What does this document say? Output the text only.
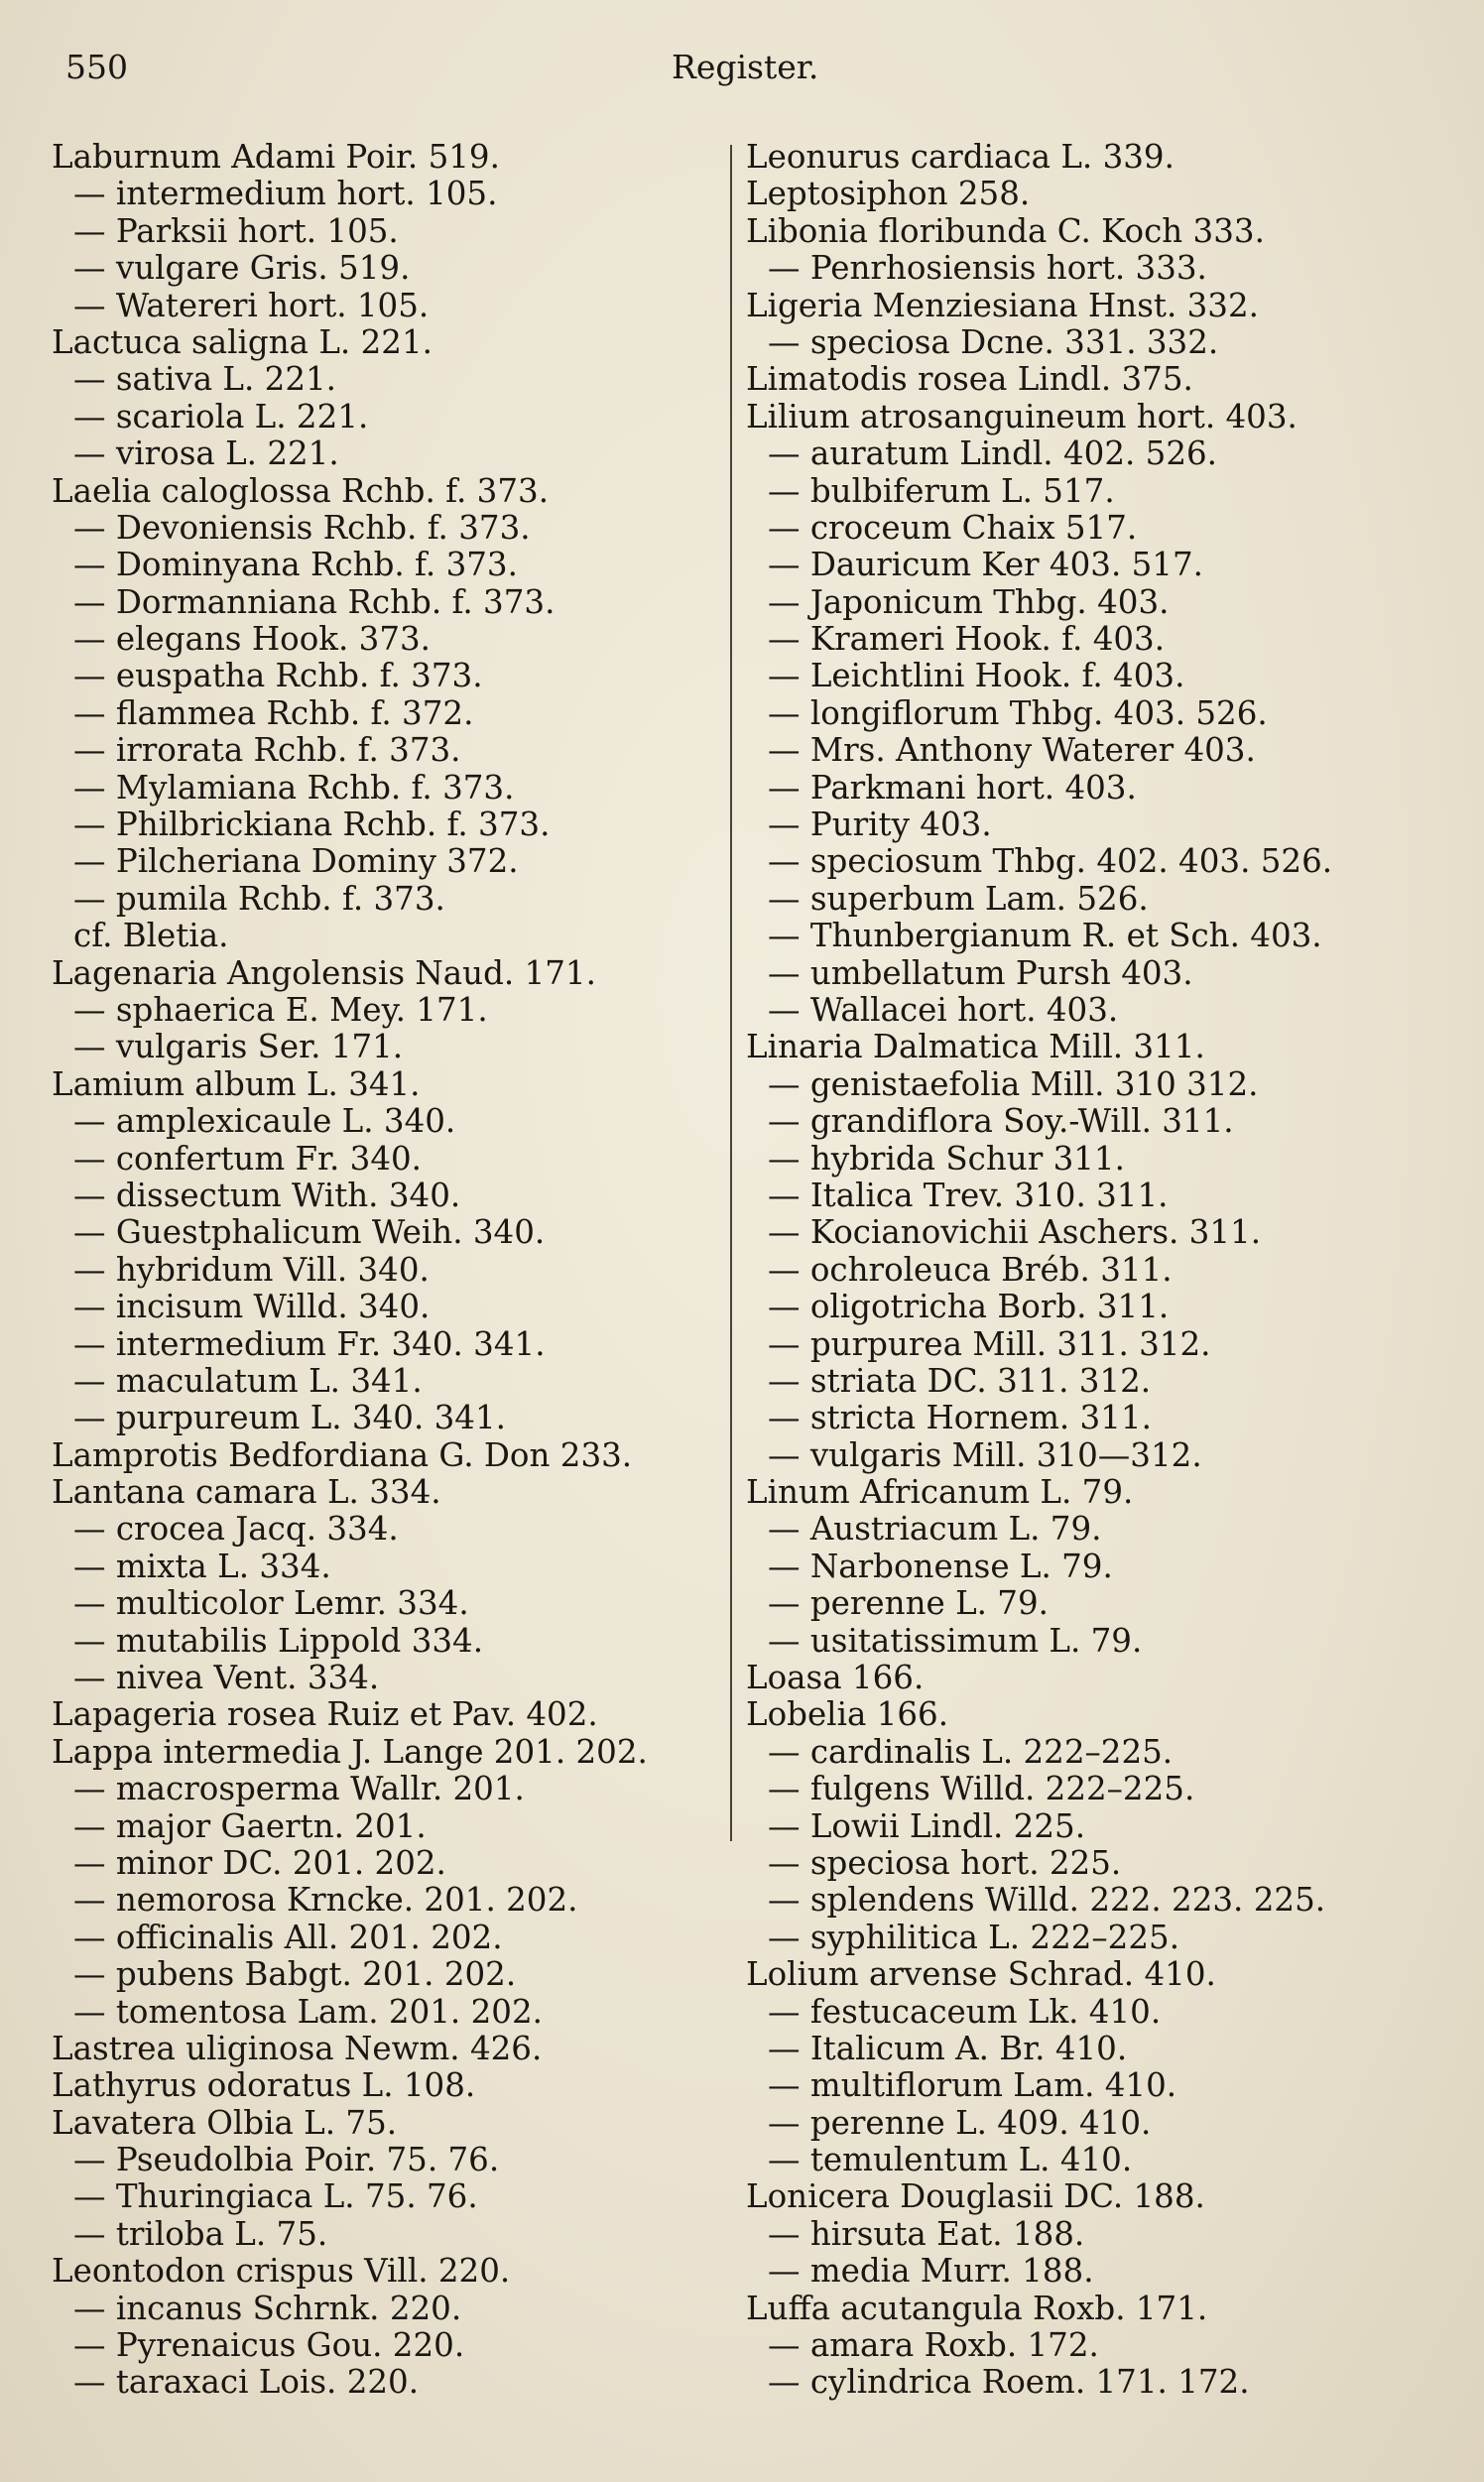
550	Register.
Laburnum Adami Poir. 519.
— intermedium hort. 105.
— Parksii hort. 105.
— vulgare Gris. 519.
— Watereri hort. 105.
Lactuca saligna L. 221.
— sativa L. 221.
— scariola L. 221.
— virosa L. 221.
Laelia caloglossa Rchb. f. 373.
— Devoniensis Rchb. f. 373.
— Dominyana Rchb. f. 373.
— Dormanniana Rchb. f. 373.
— elegans Hook. 373.
— euspatha Rchb. f. 373.
— flammea Rchb. f. 372.
— irrorata Rchb. f. 373.
— Mylamiana Rchb. f. 373.
— Philbrickiana Rchb. f. 373.
— Pilcheriana Dominy 372.
— pumila Rchb. f. 373.
cf. Bletia.
Lagenaria Angolensis Naud. 171.
— sphaerica E. Mey. 171.
— vulgaris Ser. 171.
Lamium album L. 341.
— amplexicaule L. 340.
— confertum Fr. 340.
— dissectum With. 340.
— Guestphalicum Weih. 340.
— hybridum Vill. 340.
— incisum Willd. 340.
— intermedium Fr. 340. 341.
— maculatum L. 341.
— purpureum L. 340. 341.
Lamprotis Bedfordiana G. Don 233.
Lantana camara L. 334.
— crocea Jacq. 334.
— mixta L. 334.
— multicolor Lemr. 334.
— mutabilis Lippold 334.
— nivea Vent. 334.
Lapageria rosea Ruiz et Pav. 402.
Lappa intermedia J. Lange 201. 202.
— macrosperma Wallr. 201.
— major Gaertn. 201.
— minor DC. 201. 202.
— nemorosa Krncke. 201. 202.
— officinalis All. 201. 202.
— pubens Babgt. 201. 202.
— tomentosa Lam. 201. 202.
Lastrea uliginosa Newm. 426.
Lathyrus odoratus L. 108.
Lavatera Olbia L. 75.
— Pseudolbia Poir. 75. 76.
— Thuringiaca L. 75. 76.
— triloba L. 75.
Leontodon crispus Vill. 220.
— incanus Schrnk. 220.
— Pyrenaicus Gou. 220.
— taraxaci Lois. 220.
Leonurus cardiaca L. 339.
Leptosiphon 258.
Libonia floribunda C. Koch 333.
— Penrhosiensis hort. 333.
Ligeria Menziesiana Hnst. 332.
— speciosa Dcne. 331. 332.
Limatodis rosea Lindl. 375.
Lilium atrosanguineum hort. 403.
— auratum Lindl. 402. 526.
— bulbiferum L. 517.
— croceum Chaix 517.
— Dauricum Ker 403. 517.
— Japonicum Thbg. 403.
— Krameri Hook. f. 403.
— Leichtlini Hook. f. 403.
— longiflorum Thbg. 403. 526.
— Mrs. Anthony Waterer 403.
— Parkmani hort. 403.
— Purity 403.
— speciosum Thbg. 402. 403. 526.
— superbum Lam. 526.
— Thunbergianum R. et Sch. 403.
— umbellatum Pursh 403.
— Wallacei hort. 403.
Linaria Dalmatica Mill. 311.
— genistaefolia Mill. 310 312.
— grandiflora Soy.-Will. 311.
— hybrida Schur 311.
— Italica Trev. 310. 311.
— Kocianovichii Aschers. 311.
— ochroleuca Bréb. 311.
— oligotricha Borb. 311.
— purpurea Mill. 311. 312.
— striata DC. 311. 312.
— stricta Hornem. 311.
— vulgaris Mill. 310—312.
Linum Africanum L. 79.
— Austriacum L. 79.
— Narbonense L. 79.
— perenne L. 79.
— usitatissimum L. 79.
Loasa 166.
Lobelia 166.
— cardinalis L. 222–225.
— fulgens Willd. 222–225.
— Lowii Lindl. 225.
— speciosa hort. 225.
— splendens Willd. 222. 223. 225.
— syphilitica L. 222–225.
Lolium arvense Schrad. 410.
— festucaceum Lk. 410.
— Italicum A. Br. 410.
— multiflorum Lam. 410.
— perenne L. 409. 410.
— temulentum L. 410.
Lonicera Douglasii DC. 188.
— hirsuta Eat. 188.
— media Murr. 188.
Luffa acutangula Roxb. 171.
— amara Roxb. 172.
— cylindrica Roem. 171. 172.
